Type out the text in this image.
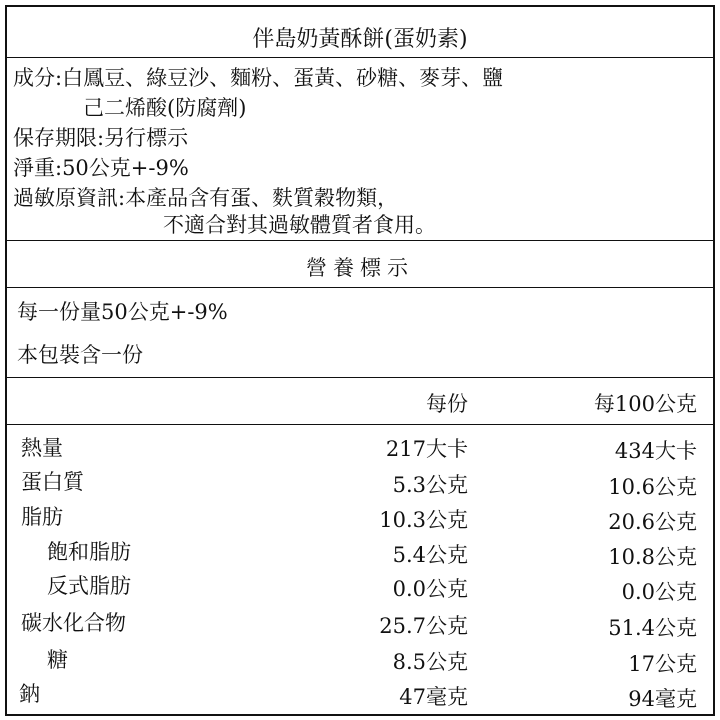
伴島奶黃酥餅(蛋奶素)
成分:白鳳豆、綠豆沙、麵粉、蛋黃、砂糖、麥芽、鹽
己二烯酸(防腐劑)
保存期限:另行標示
淨重:50公克+-9%
過敏原資訊:本產品含有蛋、麩質穀物類，
不適合對其過敏體質者食用。
營養標示
每一份量50公克+-9%
本包裝含一份
每份	每100公克
熱量	217大卡	434大卡
蛋白質	5.3公克	10.6公克
脂肪	10.3公克	20.6公克
飽和脂肪	5.4公克	10.8公克
反式脂肪	0.0公克	0.0公克
碳水化合物	25.7公克	51.4公克
糖	8.5公克	17公克
鈉	47毫克	94毫克
